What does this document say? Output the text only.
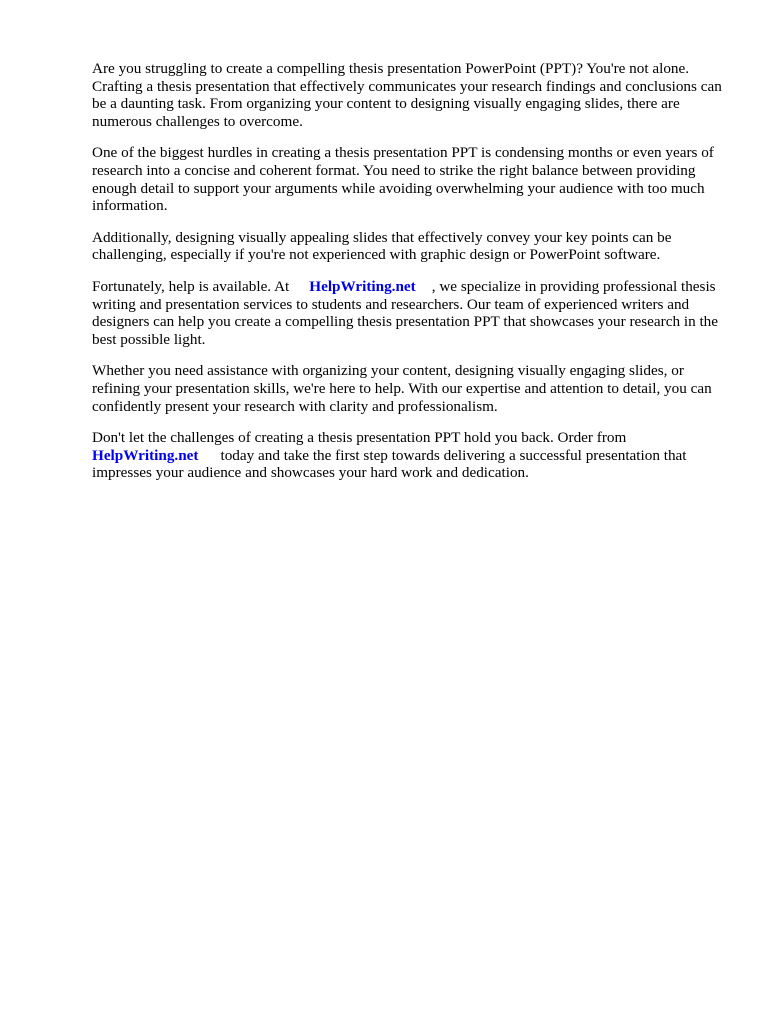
Are you struggling to create a compelling thesis presentation PowerPoint (PPT)? You're not alone. Crafting a thesis presentation that effectively communicates your research findings and conclusions can be a daunting task. From organizing your content to designing visually engaging slides, there are numerous challenges to overcome.

One of the biggest hurdles in creating a thesis presentation PPT is condensing months or even years of research into a concise and coherent format. You need to strike the right balance between providing enough detail to support your arguments while avoiding overwhelming your audience with too much information.

Additionally, designing visually appealing slides that effectively convey your key points can be challenging, especially if you're not experienced with graphic design or PowerPoint software.

Fortunately, help is available. At HelpWriting.net , we specialize in providing professional thesis writing and presentation services to students and researchers. Our team of experienced writers and designers can help you create a compelling thesis presentation PPT that showcases your research in the best possible light.

Whether you need assistance with organizing your content, designing visually engaging slides, or refining your presentation skills, we're here to help. With our expertise and attention to detail, you can confidently present your research with clarity and professionalism.

Don't let the challenges of creating a thesis presentation PPT hold you back. Order from
HelpWriting.net today and take the first step towards delivering a successful presentation that impresses your audience and showcases your hard work and dedication.
